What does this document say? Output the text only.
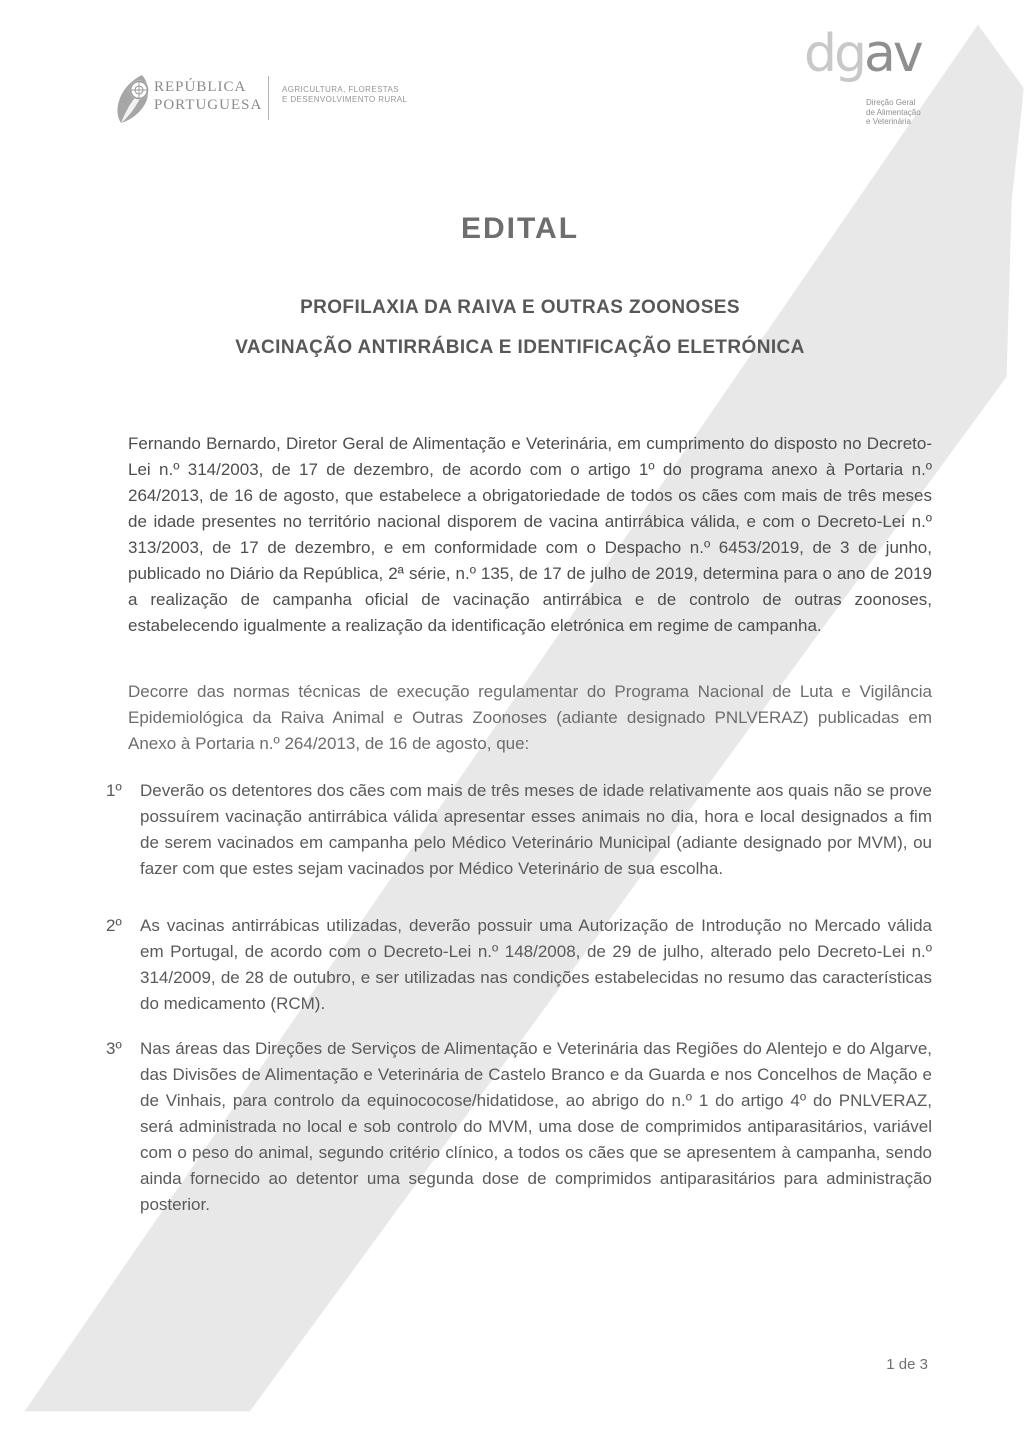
REPÚBLICA
PORTUGUESA
AGRICULTURA, FLORESTAS
E DESENVOLVIMENTO RURAL
dgav
Direção Geral
de Alimentação
e Veterinária
EDITAL
PROFILAXIA DA RAIVA E OUTRAS ZOONOSES
VACINAÇÃO ANTIRRÁBICA E IDENTIFICAÇÃO ELETRÓNICA

Fernando Bernardo, Diretor Geral de Alimentação e Veterinária, em cumprimento do disposto no Decreto-Lei n.º 314/2003, de 17 de dezembro, de acordo com o artigo 1º do programa anexo à Portaria n.º 264/2013, de 16 de agosto, que estabelece a obrigatoriedade de todos os cães com mais de três meses de idade presentes no território nacional disporem de vacina antirrábica válida, e com o Decreto-Lei n.º 313/2003, de 17 de dezembro, e em conformidade com o Despacho n.º 6453/2019, de 3 de junho, publicado no Diário da República, 2ª série, n.º 135, de 17 de julho de 2019, determina para o ano de 2019 a realização de campanha oficial de vacinação antirrábica e de controlo de outras zoonoses, estabelecendo igualmente a realização da identificação eletrónica em regime de campanha.

Decorre das normas técnicas de execução regulamentar do Programa Nacional de Luta e Vigilância Epidemiológica da Raiva Animal e Outras Zoonoses (adiante designado PNLVERAZ) publicadas em Anexo à Portaria n.º 264/2013, de 16 de agosto, que:

1º	Deverão os detentores dos cães com mais de três meses de idade relativamente aos quais não se prove possuírem vacinação antirrábica válida apresentar esses animais no dia, hora e local designados a fim de serem vacinados em campanha pelo Médico Veterinário Municipal (adiante designado por MVM), ou fazer com que estes sejam vacinados por Médico Veterinário de sua escolha.
2º	As vacinas antirrábicas utilizadas, deverão possuir uma Autorização de Introdução no Mercado válida em Portugal, de acordo com o Decreto-Lei n.º 148/2008, de 29 de julho, alterado pelo Decreto-Lei n.º 314/2009, de 28 de outubro, e ser utilizadas nas condições estabelecidas no resumo das características do medicamento (RCM).
3º	Nas áreas das Direções de Serviços de Alimentação e Veterinária das Regiões do Alentejo e do Algarve, das Divisões de Alimentação e Veterinária de Castelo Branco e da Guarda e nos Concelhos de Mação e de Vinhais, para controlo da equinococose/hidatidose, ao abrigo do n.º 1 do artigo 4º do PNLVERAZ, será administrada no local e sob controlo do MVM, uma dose de comprimidos antiparasitários, variável com o peso do animal, segundo critério clínico, a todos os cães que se apresentem à campanha, sendo ainda fornecido ao detentor uma segunda dose de comprimidos antiparasitários para administração posterior.
1 de 3
